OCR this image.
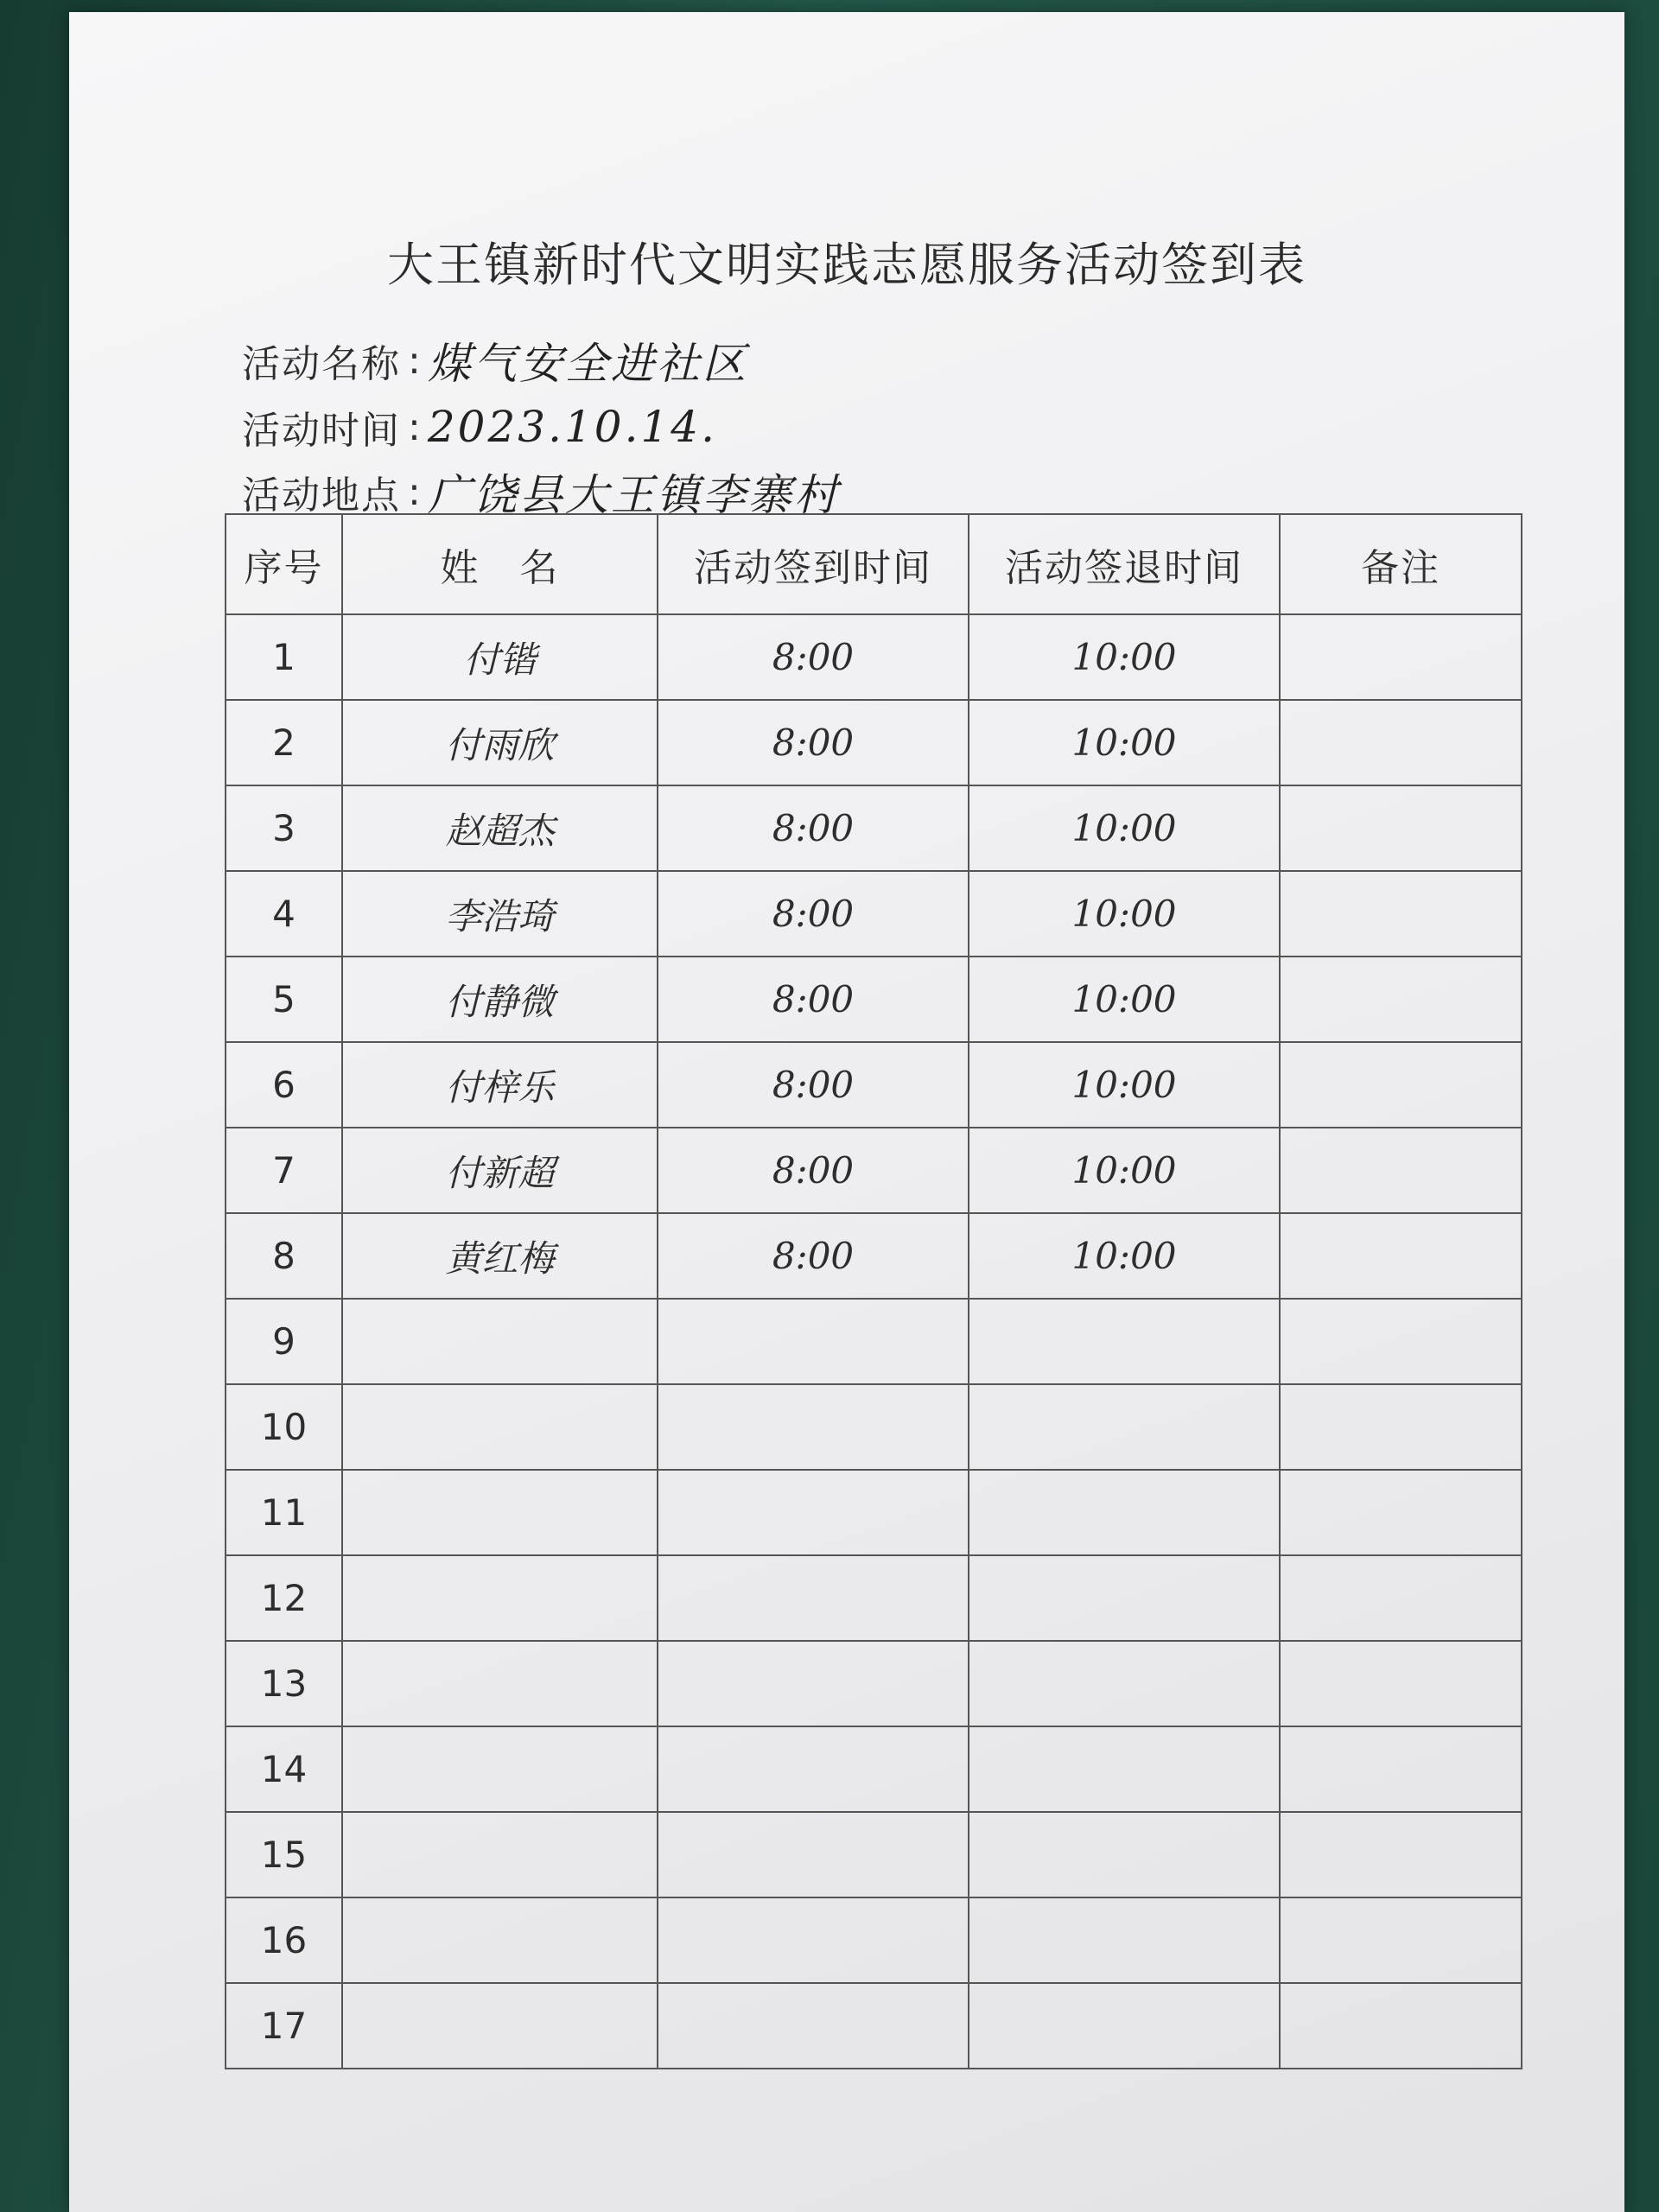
大王镇新时代文明实践志愿服务活动签到表
活动名称 : 煤气安全进社区
活动时间 : 2023.10.14.
活动地点 : 广饶县大王镇李寨村
序号	姓　名	活动签到时间	活动签退时间	备注
1	付锴	8:00	10:00	
2	付雨欣	8:00	10:00	
3	赵超杰	8:00	10:00	
4	李浩琦	8:00	10:00	
5	付静微	8:00	10:00	
6	付梓乐	8:00	10:00	
7	付新超	8:00	10:00	
8	黄红梅	8:00	10:00	
9				
10				
11				
12				
13				
14				
15				
16				
17				
